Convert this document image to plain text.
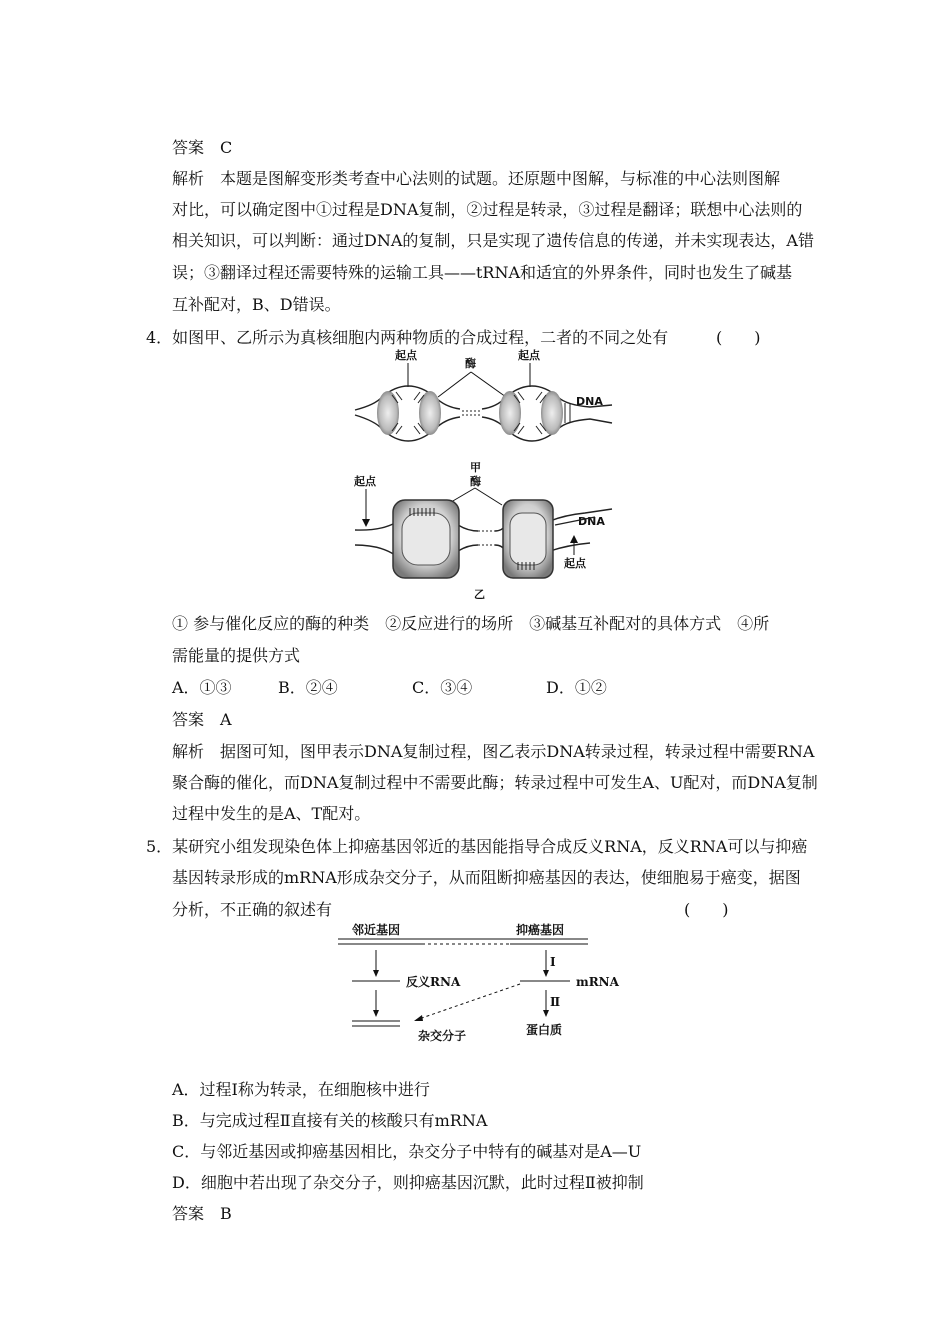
答案　C
解析　本题是图解变形类考查中心法则的试题。还原题中图解，与标准的中心法则图解
对比，可以确定图中①过程是DNA复制，②过程是转录，③过程是翻译；联想中心法则的
相关知识，可以判断：通过DNA的复制，只是实现了遗传信息的传递，并未实现表达，A错
误；③翻译过程还需要特殊的运输工具——tRNA和适宜的外界条件，同时也发生了碱基
互补配对，B、D错误。
4．如图甲、乙所示为真核细胞内两种物质的合成过程，二者的不同之处有	(　　)
起点
酶
起点
DNA
甲
酶
起点
DNA
起点
乙
① 参与催化反应的酶的种类　②反应进行的场所　③碱基互补配对的具体方式　④所
需能量的提供方式
A．①③	B．②④	C．③④	D．①②
答案　A
解析　据图可知，图甲表示DNA复制过程，图乙表示DNA转录过程，转录过程中需要RNA
聚合酶的催化，而DNA复制过程中不需要此酶；转录过程中可发生A、U配对，而DNA复制
过程中发生的是A、T配对。
5．某研究小组发现染色体上抑癌基因邻近的基因能指导合成反义RNA，反义RNA可以与抑癌
基因转录形成的mRNA形成杂交分子，从而阻断抑癌基因的表达，使细胞易于癌变，据图
分析，不正确的叙述有	(　　)
邻近基因	抑癌基因
反义RNA
杂交分子
Ⅰ
mRNA
Ⅱ
蛋白质
A．过程Ⅰ称为转录，在细胞核中进行
B．与完成过程Ⅱ直接有关的核酸只有mRNA
C．与邻近基因或抑癌基因相比，杂交分子中特有的碱基对是A—U
D．细胞中若出现了杂交分子，则抑癌基因沉默，此时过程Ⅱ被抑制
答案　B
